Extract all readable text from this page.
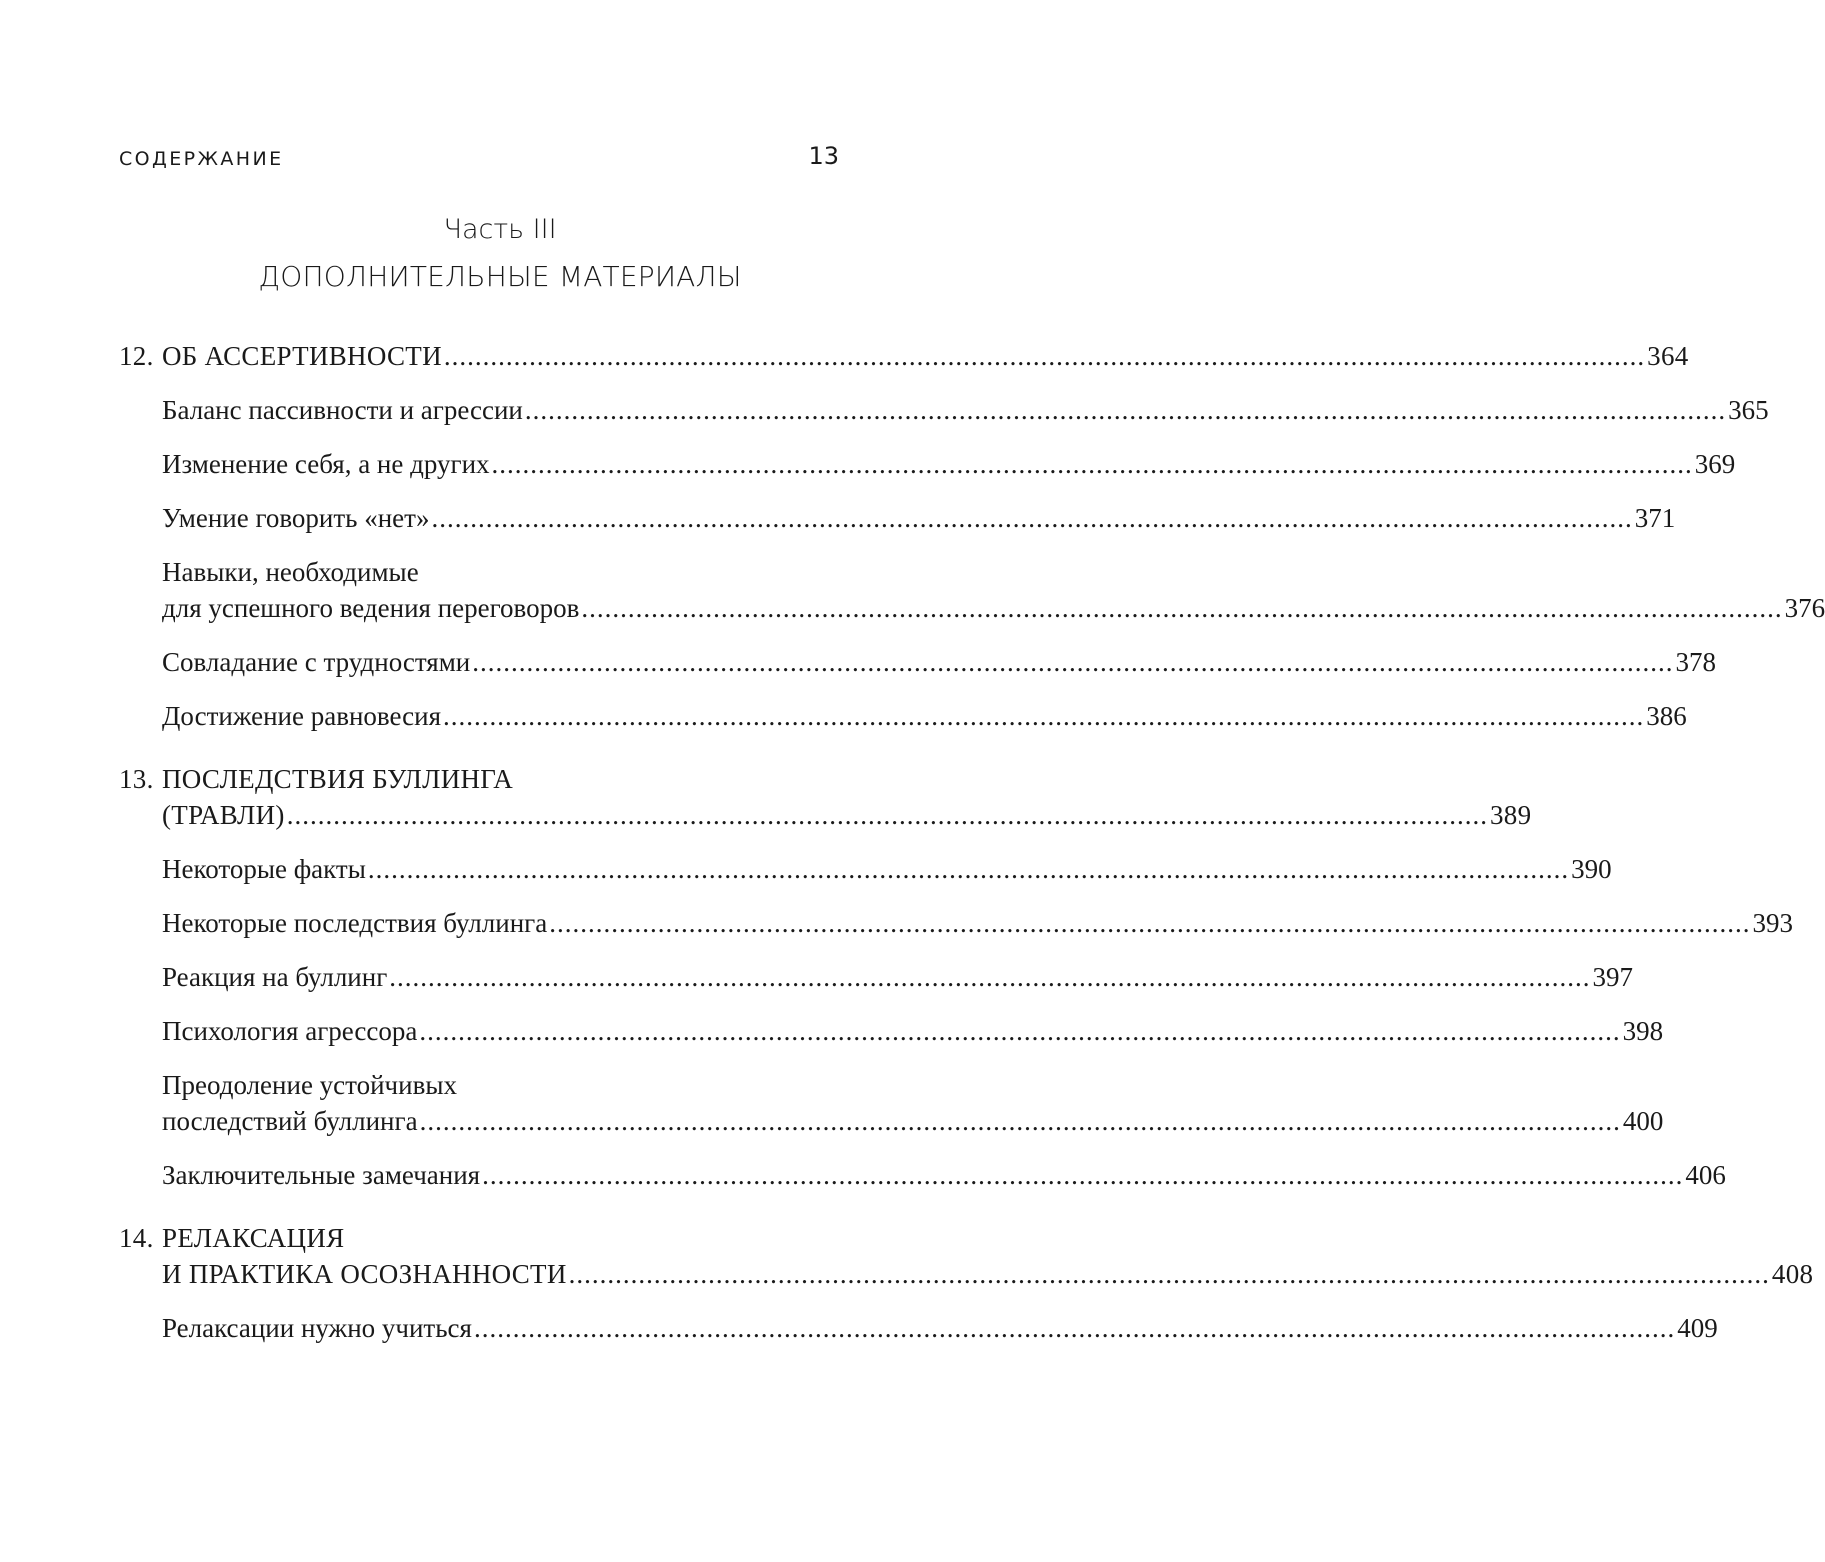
СОДЕРЖАНИЕ	13
Часть III
ДОПОЛНИТЕЛЬНЫЕ МАТЕРИАЛЫ
12. ОБ АССЕРТИВНОСТИ ........................................................................................................................................................... 364
Баланс пассивности и агрессии ........................................................................................................................................................... 365
Изменение себя, а не других ........................................................................................................................................................... 369
Умение говорить «нет» ........................................................................................................................................................... 371
Навыки, необходимые
для успешного ведения переговоров ........................................................................................................................................................... 376
Совладание с трудностями ........................................................................................................................................................... 378
Достижение равновесия ........................................................................................................................................................... 386
13. ПОСЛЕДСТВИЯ БУЛЛИНГА
(ТРАВЛИ) ........................................................................................................................................................... 389
Некоторые факты ........................................................................................................................................................... 390
Некоторые последствия буллинга ........................................................................................................................................................... 393
Реакция на буллинг ........................................................................................................................................................... 397
Психология агрессора ........................................................................................................................................................... 398
Преодоление устойчивых
последствий буллинга ........................................................................................................................................................... 400
Заключительные замечания ........................................................................................................................................................... 406
14. РЕЛАКСАЦИЯ
И ПРАКТИКА ОСОЗНАННОСТИ ........................................................................................................................................................... 408
Релаксации нужно учиться ........................................................................................................................................................... 409
